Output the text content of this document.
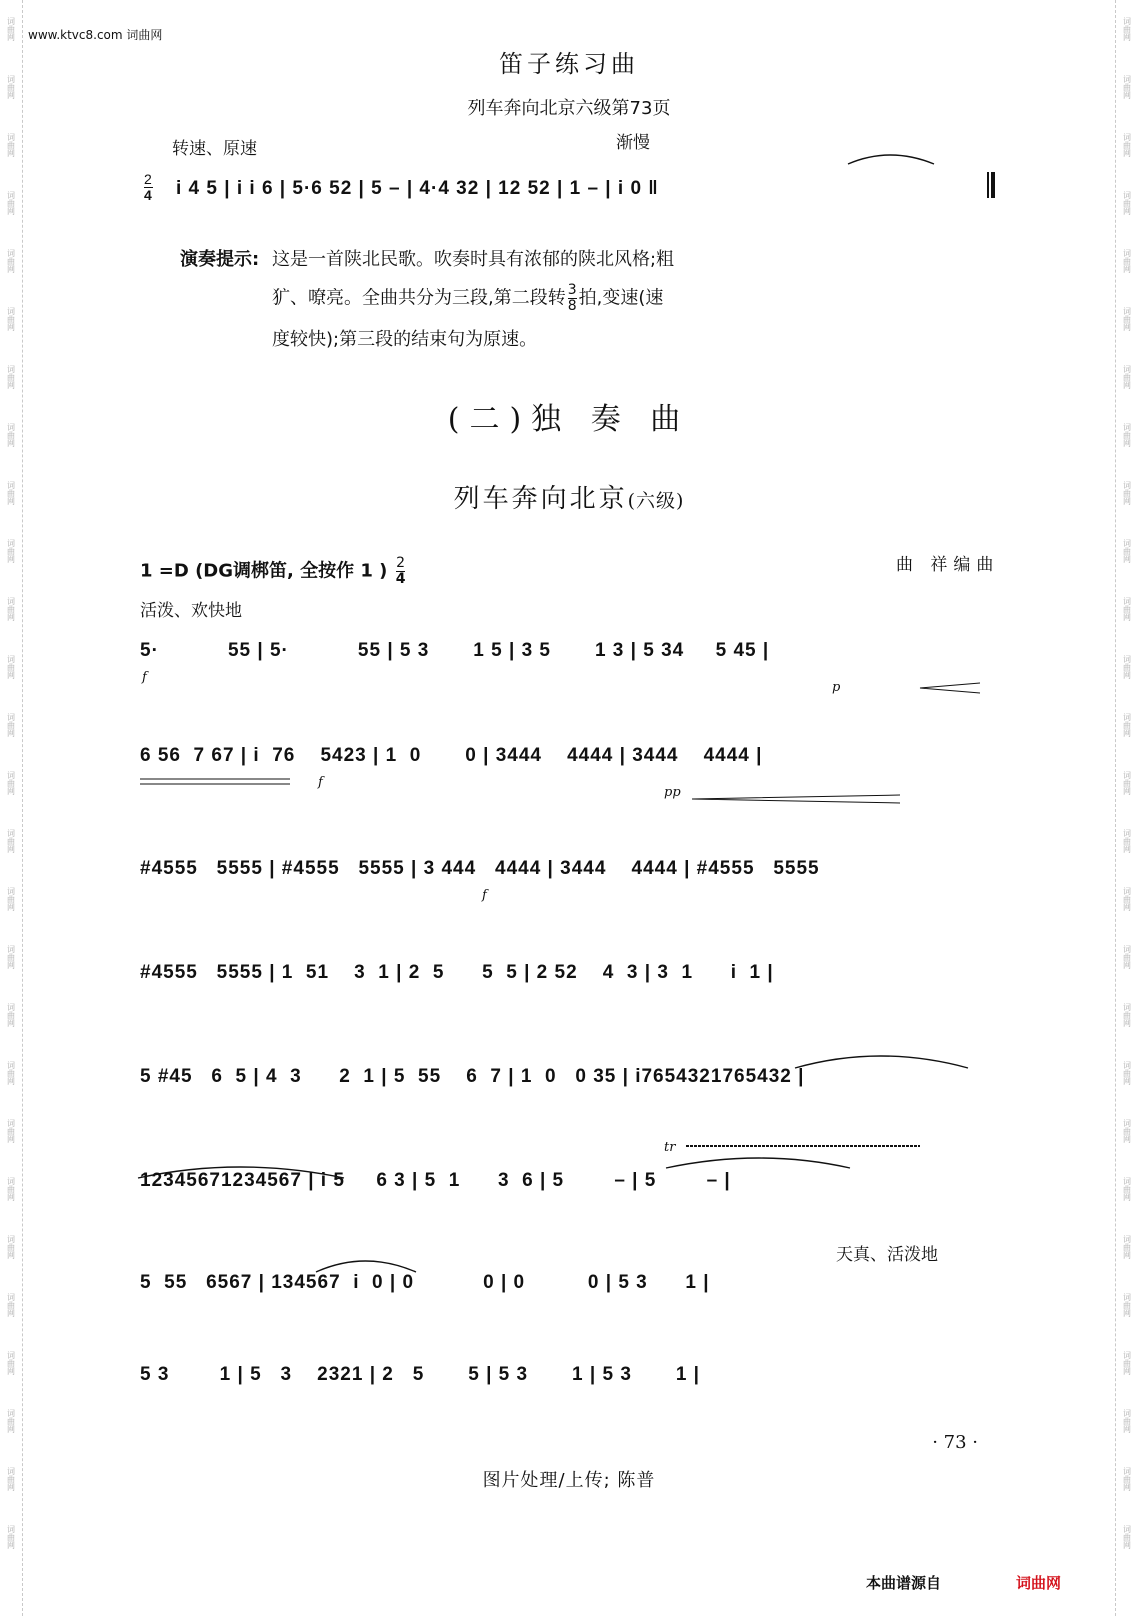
词曲网
词曲网
词曲网
词曲网
词曲网
词曲网
词曲网
词曲网
词曲网
词曲网
词曲网
词曲网
词曲网
词曲网
词曲网
词曲网
词曲网
词曲网
词曲网
词曲网
词曲网
词曲网
词曲网
词曲网
词曲网
词曲网
词曲网
词曲网
词曲网
词曲网
词曲网
词曲网
词曲网
词曲网
词曲网
词曲网
词曲网
词曲网
词曲网
词曲网
词曲网
词曲网
词曲网
词曲网
词曲网
词曲网
词曲网
词曲网
词曲网
词曲网
词曲网
词曲网
词曲网
词曲网
www.ktvc8.com 词曲网
笛子练习曲
列车奔向北京六级第73页
转速、原速	渐慢
$\frac{2}{4}$ i 4 5 | i i 6 | 5·6 52 | 5 – | 4·4 32 | 12 52 | 1 – | i 0 ‖
演奏提示: 这是一首陕北民歌。吹奏时具有浓郁的陕北风格;粗
犷、嘹亮。全曲共分为三段,第二段转 $\frac{3}{8}$ 拍,变速(速
度较快);第三段的结束句为原速。
(二)独 奏 曲
列车奔向北京(六级)
1 =D (DG调梆笛, 全按作 1 ) $\frac{2}{4}$	曲 祥编曲
活泼、欢快地
天真、活泼地
5·           55 | 5·           55 | 5 3       1 5 | 3 5       1 3 | 5 34     5 45 |
f
p
6 56  7 67 | i  76    5423 | 1  0       0 | 3444    4444 | 3444    4444 |
f
pp
#4555   5555 | #4555   5555 | 3 444   4444 | 3444    4444 | #4555   5555
f
#4555   5555 | 1  51    3  1 | 2  5      5  5 | 2 52    4  3 | 3  1      i  1 |
5 #45   6  5 | 4  3      2  1 | 5  55    6  7 | 1  0   0 35 | i7654321765432 |
12345671234567 | i 5     6 3 | 5  1      3  6 | 5        – | 5        – |
tr
5  55   6567 | 134567  i  0 | 0           0 | 0          0 | 5 3      1 |
5 3        1 | 5   3    2321 | 2   5       5 | 5 3       1 | 5 3       1 |
· 73 ·
图片处理/上传; 陈普
本曲谱源自	词曲网
